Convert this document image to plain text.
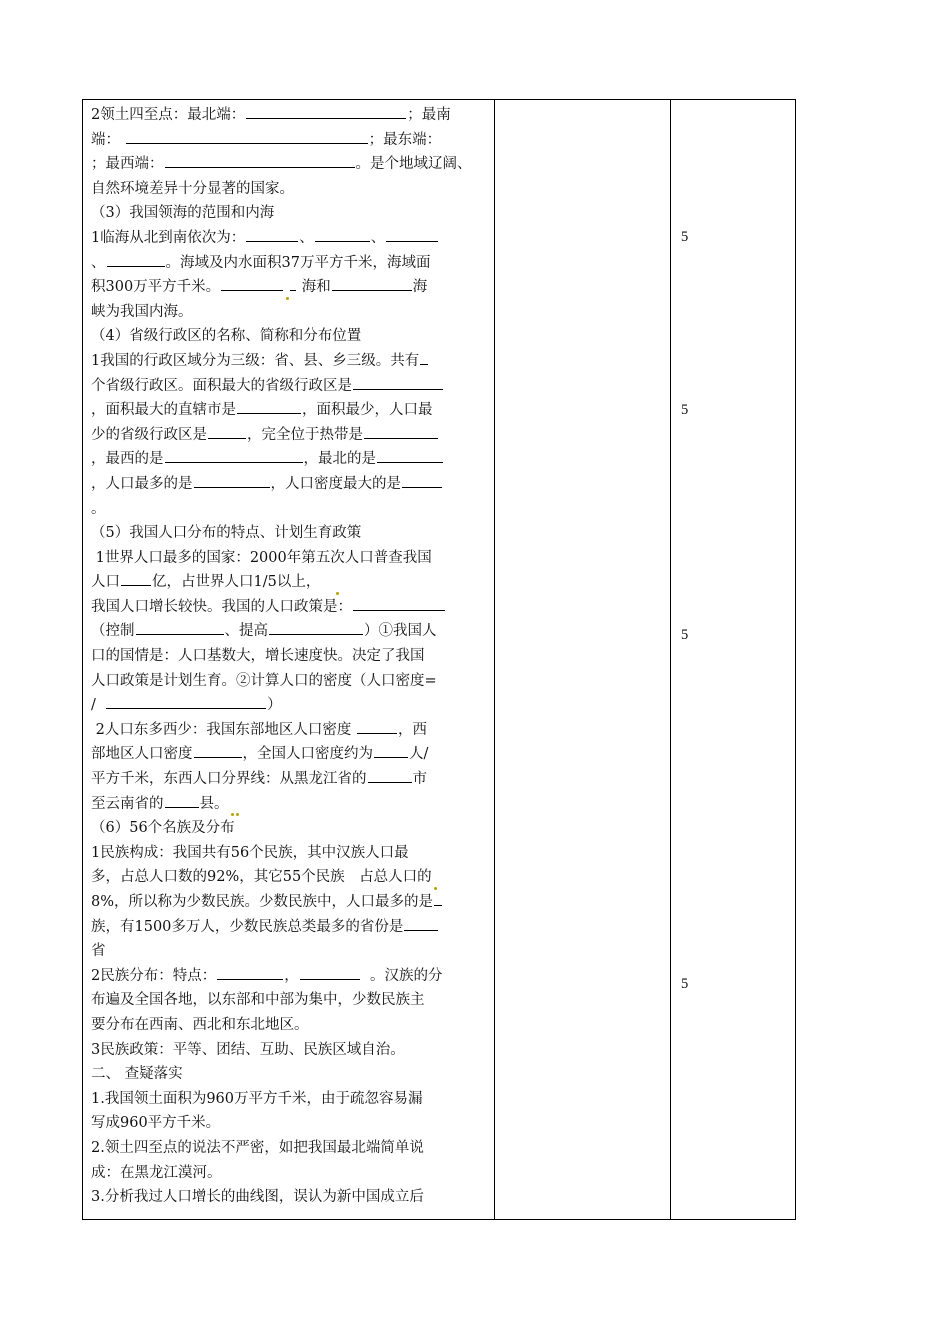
2领土四至点：最北端：	；最南
端：	；最东端：
；最西端：	。是个地域辽阔、
自然环境差异十分显著的国家。
（3）我国领海的范围和内海
1临海从北到南依次为：	、	、
、	。海域及内水面积37万平方千米，海域面
积300万平方千米。	海和	海
峡为我国内海。
（4）省级行政区的名称、简称和分布位置
1我国的行政区域分为三级：省、县、乡三级。共有
个省级行政区。面积最大的省级行政区是
，面积最大的直辖市是	，面积最少，人口最
少的省级行政区是	，完全位于热带是
，最西的是	，最北的是
，人口最多的是	，人口密度最大的是
。
（5）我国人口分布的特点、计划生育政策
1世界人口最多的国家：2000年第五次人口普查我国
人口 亿，占世界人口1/5以上，
我国人口增长较快。我国的人口政策是：
（控制	、提高	）①我国人
口的国情是：人口基数大，增长速度快。决定了我国
人口政策是计划生育。②计算人口的密度（人口密度=
/	）
2人口东多西少：我国东部地区人口密度	，西
部地区人口密度	，全国人口密度约为 人/
平方千米，东西人口分界线：从黑龙江省的	市
至云南省的 县。
（6）56个名族及分布
1民族构成：我国共有56个民族，其中汉族人口最
多，占总人口数的92%，其它55个民族　占总人口的
8%，所以称为少数民族。少数民族中，人口最多的是
族，有1500多万人，少数民族总类最多的省份是
省
2民族分布：特点：	，	。汉族的分
布遍及全国各地，以东部和中部为集中，少数民族主
要分布在西南、西北和东北地区。
3民族政策：平等、团结、互助、民族区域自治。
二、 查疑落实
1.我国领土面积为960万平方千米，由于疏忽容易漏
写成960平方千米。
2.领土四至点的说法不严密，如把我国最北端简单说
成：在黑龙江漠河。
3.分析我过人口增长的曲线图，误认为新中国成立后
5
5
5
5
